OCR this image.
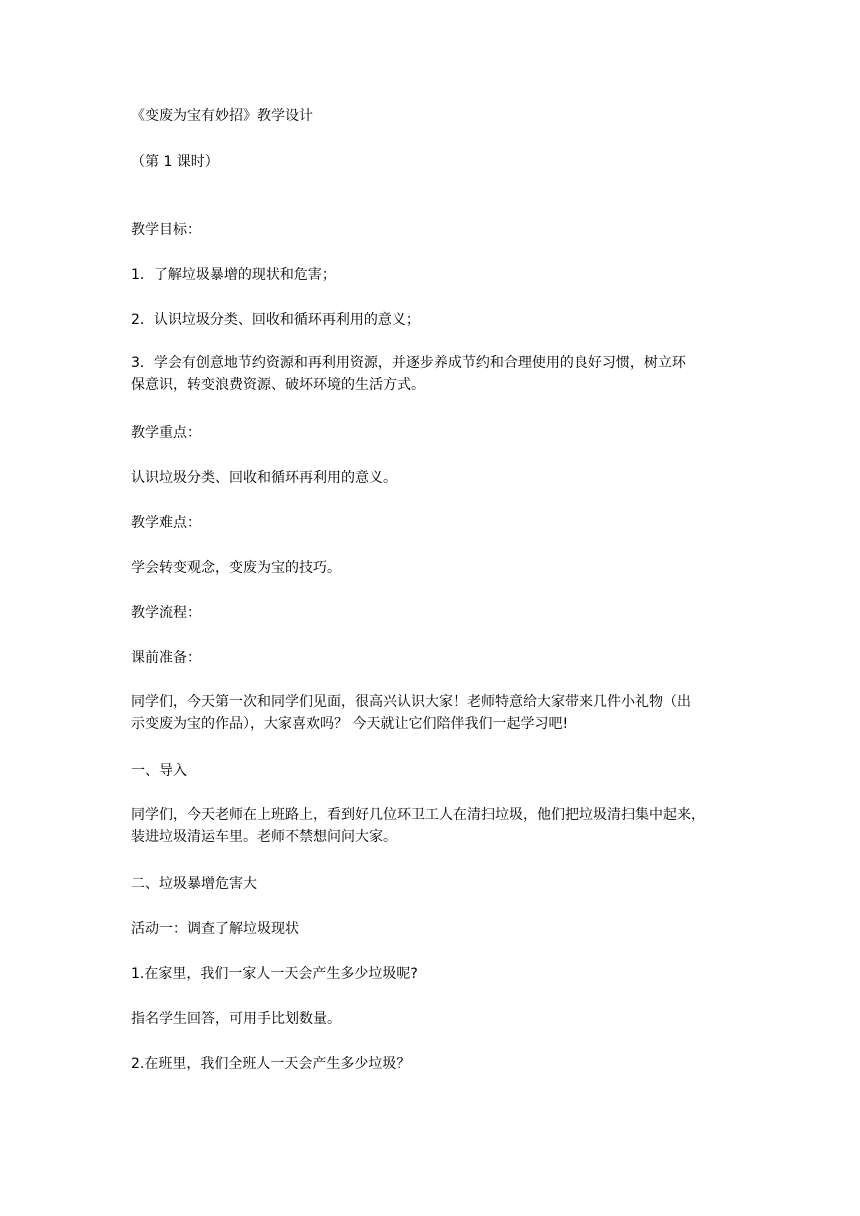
《变废为宝有妙招》教学设计
（第 1 课时）
教学目标：
1．了解垃圾暴增的现状和危害；
2．认识垃圾分类、回收和循环再利用的意义；
3．学会有创意地节约资源和再利用资源，并逐步养成节约和合理使用的良好习惯，树立环
保意识，转变浪费资源、破坏环境的生活方式。
教学重点：
认识垃圾分类、回收和循环再利用的意义。
教学难点：
学会转变观念，变废为宝的技巧。
教学流程：
课前准备：
同学们，今天第一次和同学们见面，很高兴认识大家！老师特意给大家带来几件小礼物（出
示变废为宝的作品），大家喜欢吗？ 今天就让它们陪伴我们一起学习吧!
一、导入
同学们，今天老师在上班路上，看到好几位环卫工人在清扫垃圾，他们把垃圾清扫集中起来，
装进垃圾清运车里。老师不禁想问问大家。
二、垃圾暴增危害大
活动一：调查了解垃圾现状
1.在家里，我们一家人一天会产生多少垃圾呢?
指名学生回答，可用手比划数量。
2.在班里，我们全班人一天会产生多少垃圾？
